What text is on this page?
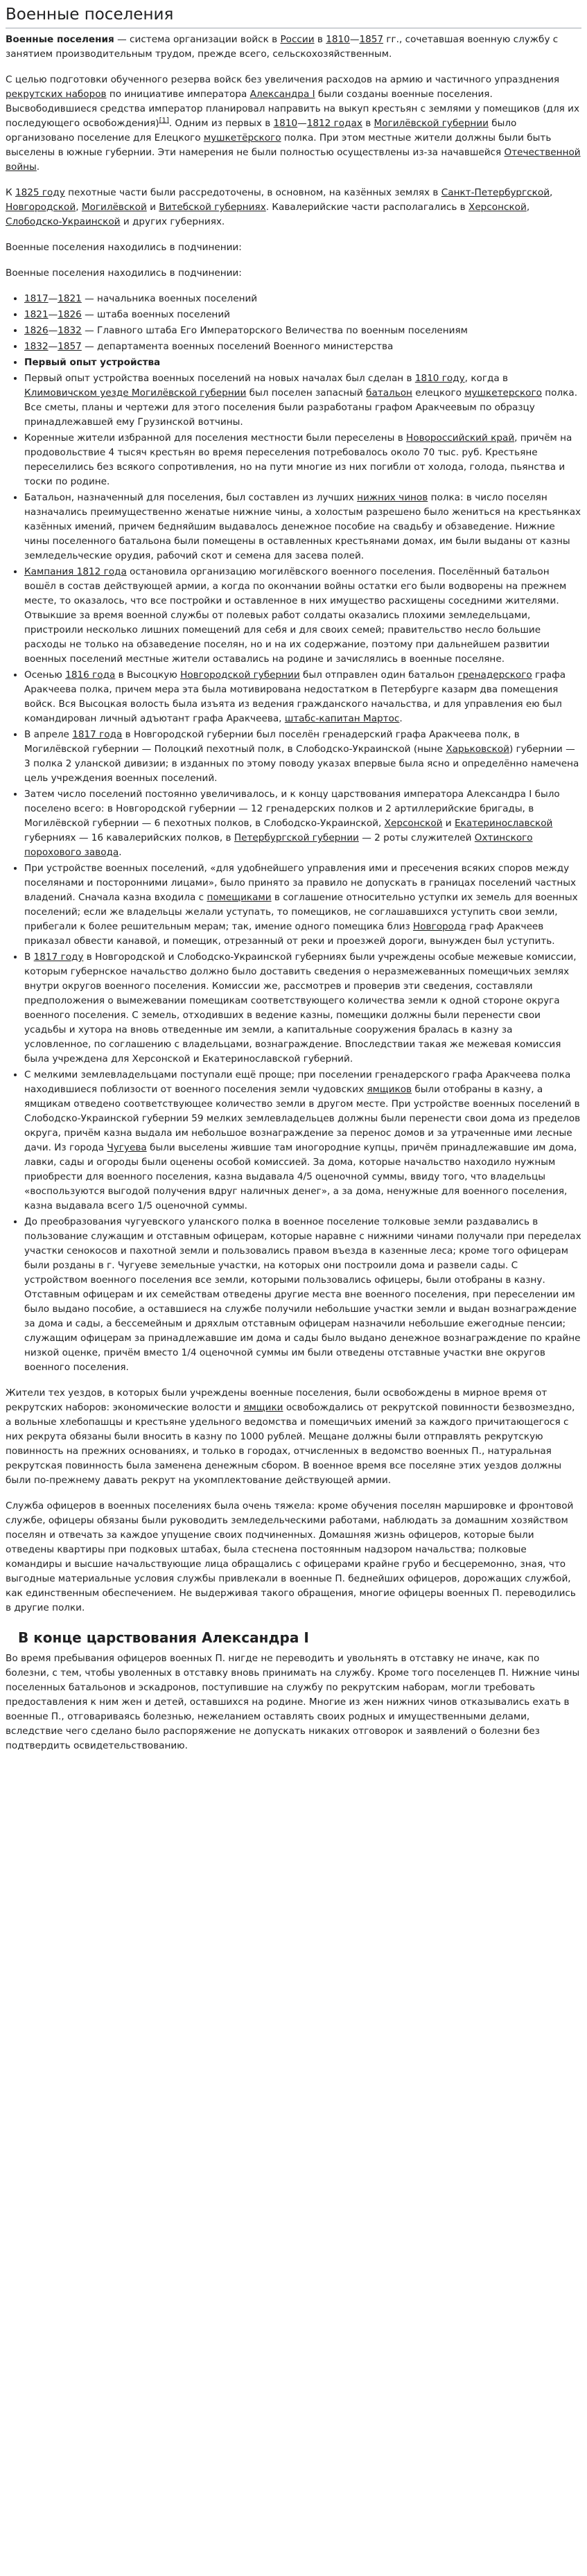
Военные поселения

Военные поселения — система организации войск в России в 1810—1857 гг., сочетавшая военную службу с занятием производительным трудом, прежде всего, сельскохозяйственным.

С целью подготовки обученного резерва войск без увеличения расходов на армию и частичного упразднения рекрутских наборов по инициативе императора Александра I были созданы военные поселения. Высвободившиеся средства император планировал направить на выкуп крестьян с землями у помещиков (для их последующего освобождения)[1]. Одним из первых в 1810—1812 годах в Могилёвской губернии было организовано поселение для Елецкого мушкетёрского полка. При этом местные жители должны были быть выселены в южные губернии. Эти намерения не были полностью осуществлены из-за начавшейся Отечественной войны.

К 1825 году пехотные части были рассредоточены, в основном, на казённых землях в Санкт-Петербургской, Новгородской, Могилёвской и Витебской губерниях. Кавалерийские части располагались в Херсонской, Слободско-Украинской и других губерниях.

Военные поселения находились в подчинении:

Военные поселения находились в подчинении:

• 1817—1821 — начальника военных поселений
• 1821—1826 — штаба военных поселений
• 1826—1832 — Главного штаба Его Императорского Величества по военным поселениям
• 1832—1857 — департамента военных поселений Военного министерства
• Первый опыт устройства
• Первый опыт устройства военных поселений на новых началах был сделан в 1810 году, когда в Климовичском уезде Могилёвской губернии был поселен запасный батальон елецкого мушкетерского полка. Все сметы, планы и чертежи для этого поселения были разработаны графом Аракчеевым по образцу принадлежавшей ему Грузинской вотчины.
• Коренные жители избранной для поселения местности были переселены в Новороссийский край, причём на продовольствие 4 тысяч крестьян во время переселения потребовалось около 70 тыс. руб. Крестьяне переселились без всякого сопротивления, но на пути многие из них погибли от холода, голода, пьянства и тоски по родине.
• Батальон, назначенный для поселения, был составлен из лучших нижних чинов полка: в число поселян назначались преимущественно женатые нижние чины, а холостым разрешено было жениться на крестьянках казённых имений, причем бедняйшим выдавалось денежное пособие на свадьбу и обзаведение. Нижние чины поселенного батальона были помещены в оставленных крестьянами домах, им были выданы от казны земледельческие орудия, рабочий скот и семена для засева полей.
• Кампания 1812 года остановила организацию могилёвского военного поселения. Поселённый батальон вошёл в состав действующей армии, а когда по окончании войны остатки его были водворены на прежнем месте, то оказалось, что все постройки и оставленное в них имущество расхищены соседними жителями. Отвыкшие за время военной службы от полевых работ солдаты оказались плохими земледельцами, пристроили несколько лишних помещений для себя и для своих семей; правительство несло большие расходы не только на обзаведение поселян, но и на их содержание, поэтому при дальнейшем развитии военных поселений местные жители оставались на родине и зачислялись в военные поселяне.
• Осенью 1816 года в Высоцкую Новгородской губернии был отправлен один батальон гренадерского графа Аракчеева полка, причем мера эта была мотивирована недостатком в Петербурге казарм два помещения войск. Вся Высоцкая волость была изъята из ведения гражданского начальства, и для управления ею был командирован личный адъютант графа Аракчеева, штабс-капитан Мартос.
• В апреле 1817 года в Новгородской губернии был поселён гренадерский графа Аракчеева полк, в Могилёвской губернии — Полоцкий пехотный полк, в Слободско-Украинской (ныне Харьковской) губернии — 3 полка 2 уланской дивизии; в изданных по этому поводу указах впервые была ясно и определённо намечена цель учреждения военных поселений.
• Затем число поселений постоянно увеличивалось, и к концу царствования императора Александра I было поселено всего: в Новгородской губернии — 12 гренадерских полков и 2 артиллерийские бригады, в Могилёвской губернии — 6 пехотных полков, в Слободско-Украинской, Херсонской и Екатеринославской губерниях — 16 кавалерийских полков, в Петербургской губернии — 2 роты служителей Охтинского порохового завода.
• При устройстве военных поселений, «для удобнейшего управления ими и пресечения всяких споров между поселянами и посторонними лицами», было принято за правило не допускать в границах поселений частных владений. Сначала казна входила с помещиками в соглашение относительно уступки их земель для военных поселений; если же владельцы желали уступать, то помещиков, не соглашавшихся уступить свои земли, прибегали к более решительным мерам; так, имение одного помещика близ Новгорода граф Аракчеев приказал обвести канавой, и помещик, отрезанный от реки и проезжей дороги, вынужден был уступить.
• В 1817 году в Новгородской и Слободско-Украинской губерниях были учреждены особые межевые комиссии, которым губернское начальство должно было доставить сведения о неразмежеванных помещичьих землях внутри округов военного поселения. Комиссии же, рассмотрев и проверив эти сведения, составляли предположения о вымежевании помещикам соответствующего количества земли к одной стороне округа военного поселения. С земель, отходивших в ведение казны, помещики должны были перенести свои усадьбы и хутора на вновь отведенные им земли, а капитальные сооружения бралась в казну за условленное, по соглашению с владельцами, вознаграждение. Впоследствии такая же межевая комиссия была учреждена для Херсонской и Екатеринославской губерний.
• С мелкими землевладельцами поступали ещё проще; при поселении гренадерского графа Аракчеева полка находившиеся поблизости от военного поселения земли чудовских ямщиков были отобраны в казну, а ямщикам отведено соответствующее количество земли в другом месте. При устройстве военных поселений в Слободско-Украинской губернии 59 мелких землевладельцев должны были перенести свои дома из пределов округа, причём казна выдала им небольшое вознаграждение за перенос домов и за утраченные ими лесные дачи. Из города Чугуева были выселены жившие там иногородние купцы, причём принадлежавшие им дома, лавки, сады и огороды были оценены особой комиссией. За дома, которые начальство находило нужным приобрести для военного поселения, казна выдавала 4/5 оценочной суммы, ввиду того, что владельцы «воспользуются выгодой получения вдруг наличных денег», а за дома, ненужные для военного поселения, казна выдавала всего 1/5 оценочной суммы.
• До преобразования чугуевского уланского полка в военное поселение толковые земли раздавались в пользование служащим и отставным офицерам, которые наравне с нижними чинами получали при переделах участки сенокосов и пахотной земли и пользовались правом въезда в казенные леса; кроме того офицерам были розданы в г. Чугуеве земельные участки, на которых они построили дома и развели сады. С устройством военного поселения все земли, которыми пользовались офицеры, были отобраны в казну. Отставным офицерам и их семействам отведены другие места вне военного поселения, при переселении им было выдано пособие, а оставшиеся на службе получили небольшие участки земли и выдан вознаграждение за дома и сады, а бессемейным и дряхлым отставным офицерам назначили небольшие ежегодные пенсии; служащим офицерам за принадлежавшие им дома и сады было выдано денежное вознаграждение по крайне низкой оценке, причём вместо 1/4 оценочной суммы им были отведены отставные участки вне округов военного поселения.

Жители тех уездов, в которых были учреждены военные поселения, были освобождены в мирное время от рекрутских наборов: экономические волости и ямщики освобождались от рекрутской повинности безвозмездно, а вольные хлебопашцы и крестьяне удельного ведомства и помещичьих имений за каждого причитающегося с них рекрута обязаны были вносить в казну по 1000 рублей. Мещане должны были отправлять рекрутскую повинность на прежних основаниях, и только в городах, отчисленных в ведомство военных П., натуральная рекрутская повинность была заменена денежным сбором. В военное время все поселяне этих уездов должны были по-прежнему давать рекрут на укомплектование действующей армии.

Служба офицеров в военных поселениях была очень тяжела: кроме обучения поселян маршировке и фронтовой службе, офицеры обязаны были руководить земледельческими работами, наблюдать за домашним хозяйством поселян и отвечать за каждое упущение своих подчиненных. Домашняя жизнь офицеров, которые были отведены квартиры при подковых штабах, была стеснена постоянным надзором начальства; полковые командиры и высшие начальствующие лица обращались с офицерами крайне грубо и бесцеремонно, зная, что выгодные материальные условия службы привлекали в военные П. беднейших офицеров, дорожащих службой, как единственным обеспечением. Не выдерживая такого обращения, многие офицеры военных П. переводились в другие полки.

В конце царствования Александра I

Во время пребывания офицеров военных П. нигде не переводить и увольнять в отставку не иначе, как по болезни, с тем, чтобы уволенных в отставку вновь принимать на службу. Кроме того поселенцев П. Нижние чины поселенных батальонов и эскадронов, поступившие на службу по рекрутским наборам, могли требовать предоставления к ним жен и детей, оставшихся на родине. Многие из жен нижних чинов отказывались ехать в военные П., отговариваясь болезнью, нежеланием оставлять своих родных и имущественными делами, вследствие чего сделано было распоряжение не допускать никаких отговорок и заявлений о болезни без подтвердить освидетельствованию.
